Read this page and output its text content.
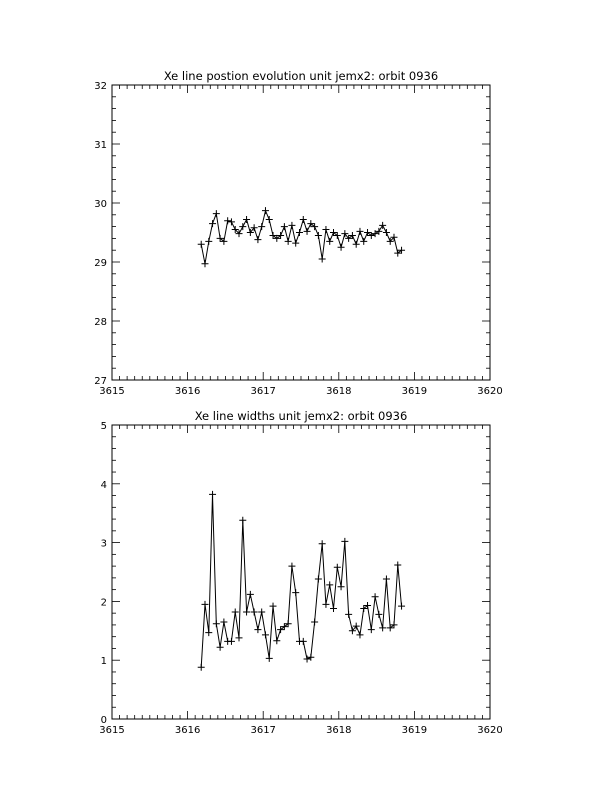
Xe line postion evolution unit jemx2: orbit 0936
3615	3616	3617	3618	3619	3620
27
28
29
30
31
32
Xe line widths unit jemx2: orbit 0936
3615	3616	3617	3618	3619	3620
0
1
2
3
4
5
